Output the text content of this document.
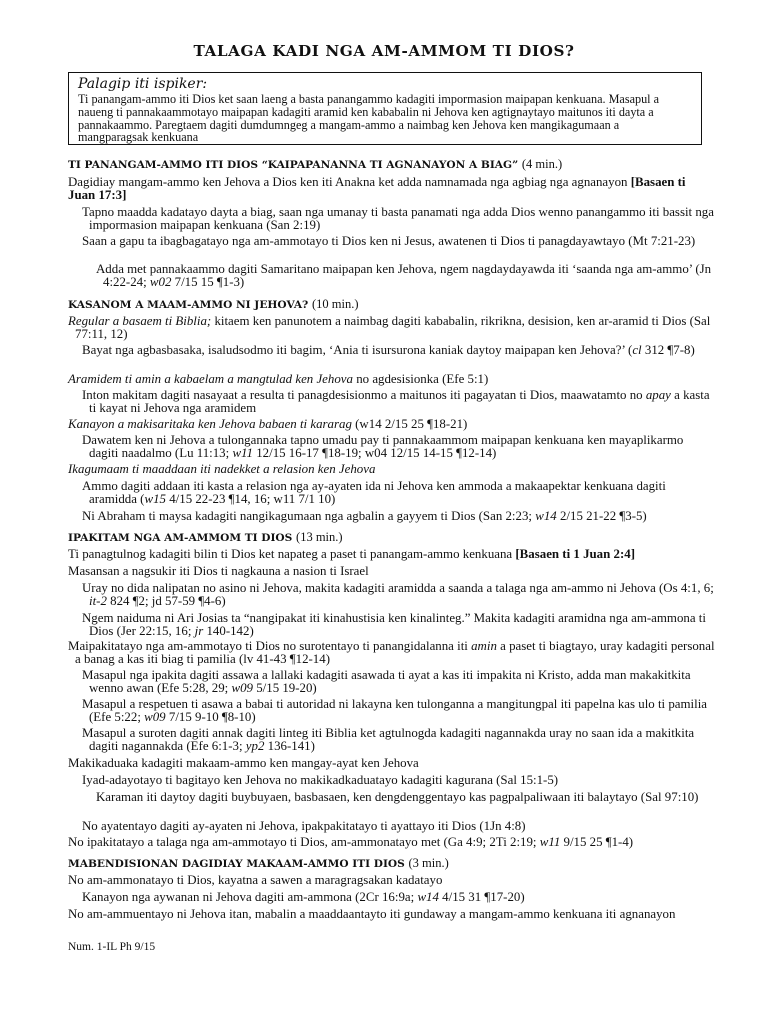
TALAGA KADI NGA AM-AMMOM TI DIOS?
Palagip iti ispiker:
Ti panangam-ammo iti Dios ket saan laeng a basta panangammo kadagiti impormasion maipapan kenkuana. Masapul a naueng ti pannakaammotayo maipapan kadagiti aramid ken kababalin ni Jehova ken agtignaytayo maitunos iti dayta a pannakaammo. Paregtaem dagiti dumdumngeg a mangam-ammo a naimbag ken Jehova ken mangikagumaan a mangparagsak kenkuana
TI PANANGAM-AMMO ITI DIOS “KAIPAPANANNA TI AGNANAYON A BIAG” (4 min.)
Dagidiay mangam-ammo ken Jehova a Dios ken iti Anakna ket adda namnamada nga agbiag nga agnanayon [Basaen ti Juan 17:3]
Tapno maadda kadatayo dayta a biag, saan nga umanay ti basta panamati nga adda Dios wenno panangammo iti bassit nga impormasion maipapan kenkuana (San 2:19)
Saan a gapu ta ibagbagatayo nga am-ammotayo ti Dios ken ni Jesus, awatenen ti Dios ti panagdayawtayo (Mt 7:21-23)
Adda met pannakaammo dagiti Samaritano maipapan ken Jehova, ngem nagdaydayawda iti ‘saanda nga am-ammo’ (Jn 4:22-24; w02 7/15 15 ¶1-3)
KASANOM A MAAM-AMMO NI JEHOVA? (10 min.)
Regular a basaem ti Biblia; kitaem ken panunotem a naimbag dagiti kababalin, rikrikna, desision, ken ar-aramid ti Dios (Sal 77:11, 12)
Bayat nga agbasbasaka, isaludsodmo iti bagim, ‘Ania ti isursurona kaniak daytoy maipapan ken Jehova?’ (cl 312 ¶7-8)
Aramidem ti amin a kabaelam a mangtulad ken Jehova no agdesisionka (Efe 5:1)
Inton makitam dagiti nasayaat a resulta ti panagdesisionmo a maitunos iti pagayatan ti Dios, maawatamto no apay a kasta ti kayat ni Jehova nga aramidem
Kanayon a makisaritaka ken Jehova babaen ti kararag (w14 2/15 25 ¶18-21)
Dawatem ken ni Jehova a tulongannaka tapno umadu pay ti pannakaammom maipapan kenkuana ken mayaplikarmo dagiti naadalmo (Lu 11:13; w11 12/15 16-17 ¶18-19; w04 12/15 14-15 ¶12-14)
Ikagumaam ti maaddaan iti nadekket a relasion ken Jehova
Ammo dagiti addaan iti kasta a relasion nga ay-ayaten ida ni Jehova ken ammoda a makaapektar kenkuana dagiti aramidda (w15 4/15 22-23 ¶14, 16; w11 7/1 10)
Ni Abraham ti maysa kadagiti nangikagumaan nga agbalin a gayyem ti Dios (San 2:23; w14 2/15 21-22 ¶3-5)
IPAKITAM NGA AM-AMMOM TI DIOS (13 min.)
Ti panagtulnog kadagiti bilin ti Dios ket napateg a paset ti panangam-ammo kenkuana [Basaen ti 1 Juan 2:4]
Masansan a nagsukir iti Dios ti nagkauna a nasion ti Israel
Uray no dida nalipatan no asino ni Jehova, makita kadagiti aramidda a saanda a talaga nga am-ammo ni Jehova (Os 4:1, 6; it-2 824 ¶2; jd 57-59 ¶4-6)
Ngem naiduma ni Ari Josias ta “nangipakat iti kinahustisia ken kinalinteg.” Makita kadagiti aramidna nga am-ammona ti Dios (Jer 22:15, 16; jr 140-142)
Maipakitatayo nga am-ammotayo ti Dios no surotentayo ti panangidalanna iti amin a paset ti biagtayo, uray kadagiti personal a banag a kas iti biag ti pamilia (lv 41-43 ¶12-14)
Masapul nga ipakita dagiti assawa a lallaki kadagiti asawada ti ayat a kas iti impakita ni Kristo, adda man makakitkita wenno awan (Efe 5:28, 29; w09 5/15 19-20)
Masapul a respetuen ti asawa a babai ti autoridad ni lakayna ken tulonganna a mangitungpal iti papelna kas ulo ti pamilia (Efe 5:22; w09 7/15 9-10 ¶8-10)
Masapul a suroten dagiti annak dagiti linteg iti Biblia ket agtulnogda kadagiti nagannakda uray no saan ida a makitkita dagiti nagannakda (Efe 6:1-3; yp2 136-141)
Makikaduaka kadagiti makaam-ammo ken mangay-ayat ken Jehova
Iyad-adayotayo ti bagitayo ken Jehova no makikadkaduatayo kadagiti kagurana (Sal 15:1-5)
Karaman iti daytoy dagiti buybuyaen, basbasaen, ken dengdenggentayo kas pagpalpaliwaan iti balaytayo (Sal 97:10)
No ayatentayo dagiti ay-ayaten ni Jehova, ipakpakitatayo ti ayattayo iti Dios (1Jn 4:8)
No ipakitatayo a talaga nga am-ammotayo ti Dios, am-ammonatayo met (Ga 4:9; 2Ti 2:19; w11 9/15 25 ¶1-4)
MABENDISIONAN DAGIDIAY MAKAAM-AMMO ITI DIOS (3 min.)
No am-ammonatayo ti Dios, kayatna a sawen a maragragsakan kadatayo
Kanayon nga aywanan ni Jehova dagiti am-ammona (2Cr 16:9a; w14 4/15 31 ¶17-20)
No am-ammuentayo ni Jehova itan, mabalin a maaddaantayto iti gundaway a mangam-ammo kenkuana iti agnanayon
Num. 1-IL Ph 9/15
